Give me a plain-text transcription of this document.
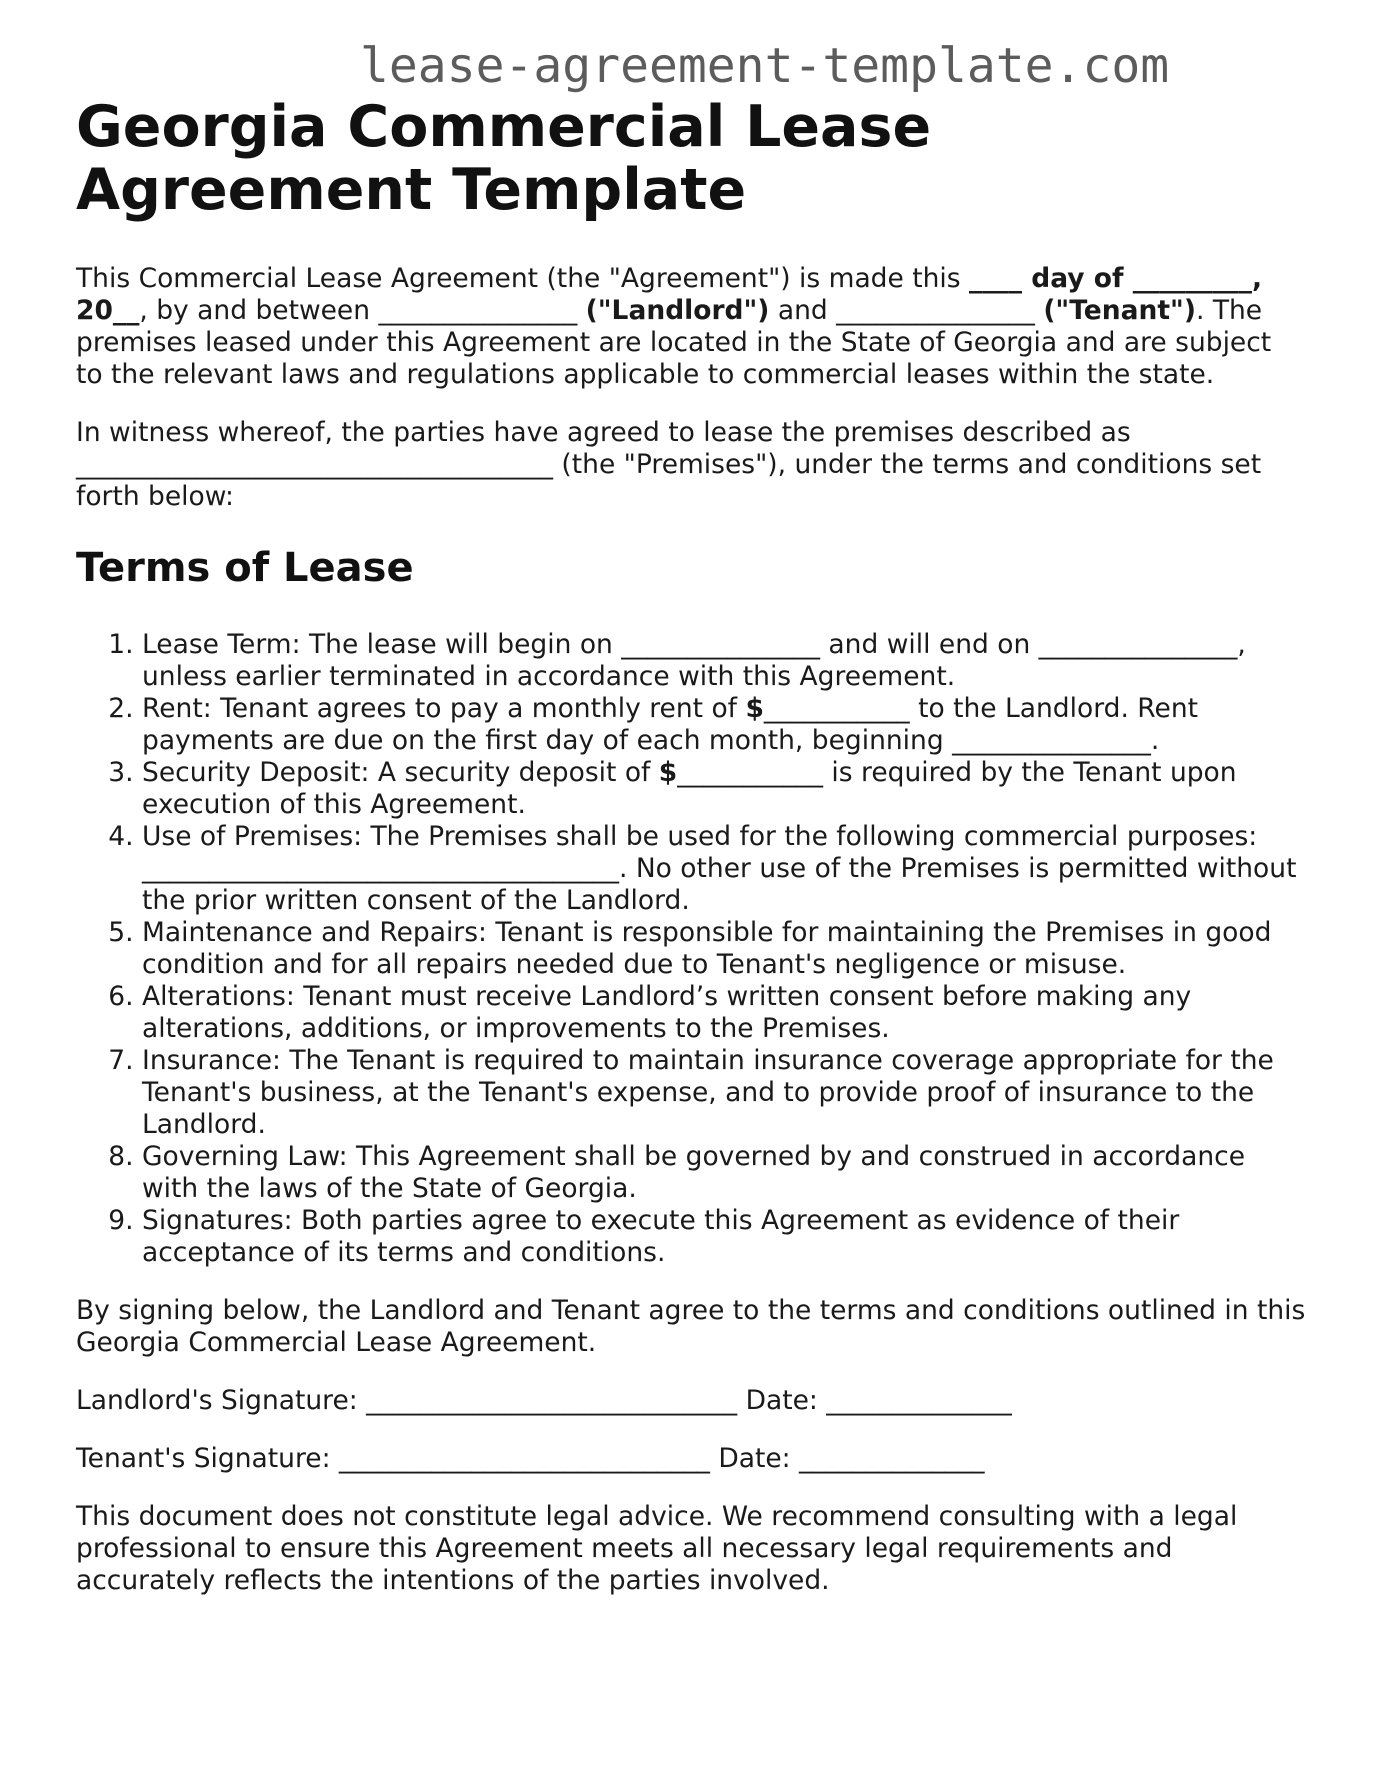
lease-agreement-template.com
Georgia Commercial Lease Agreement Template

This Commercial Lease Agreement (the "Agreement") is made this ____ day of _________, 20__, by and between _______________ ("Landlord") and _______________ ("Tenant"). The premises leased under this Agreement are located in the State of Georgia and are subject to the relevant laws and regulations applicable to commercial leases within the state.

In witness whereof, the parties have agreed to lease the premises described as ____________________________________ (the "Premises"), under the terms and conditions set forth below:

Terms of Lease
1. Lease Term: The lease will begin on _______________ and will end on _______________, unless earlier terminated in accordance with this Agreement.
2. Rent: Tenant agrees to pay a monthly rent of $___________ to the Landlord. Rent payments are due on the first day of each month, beginning _______________.
3. Security Deposit: A security deposit of $___________ is required by the Tenant upon execution of this Agreement.
4. Use of Premises: The Premises shall be used for the following commercial purposes: ____________________________________. No other use of the Premises is permitted without the prior written consent of the Landlord.
5. Maintenance and Repairs: Tenant is responsible for maintaining the Premises in good condition and for all repairs needed due to Tenant's negligence or misuse.
6. Alterations: Tenant must receive Landlord’s written consent before making any alterations, additions, or improvements to the Premises.
7. Insurance: The Tenant is required to maintain insurance coverage appropriate for the Tenant's business, at the Tenant's expense, and to provide proof of insurance to the Landlord.
8. Governing Law: This Agreement shall be governed by and construed in accordance with the laws of the State of Georgia.
9. Signatures: Both parties agree to execute this Agreement as evidence of their acceptance of its terms and conditions.

By signing below, the Landlord and Tenant agree to the terms and conditions outlined in this Georgia Commercial Lease Agreement.

Landlord's Signature: ____________________________ Date: ______________

Tenant's Signature: ____________________________ Date: ______________

This document does not constitute legal advice. We recommend consulting with a legal professional to ensure this Agreement meets all necessary legal requirements and accurately reflects the intentions of the parties involved.
